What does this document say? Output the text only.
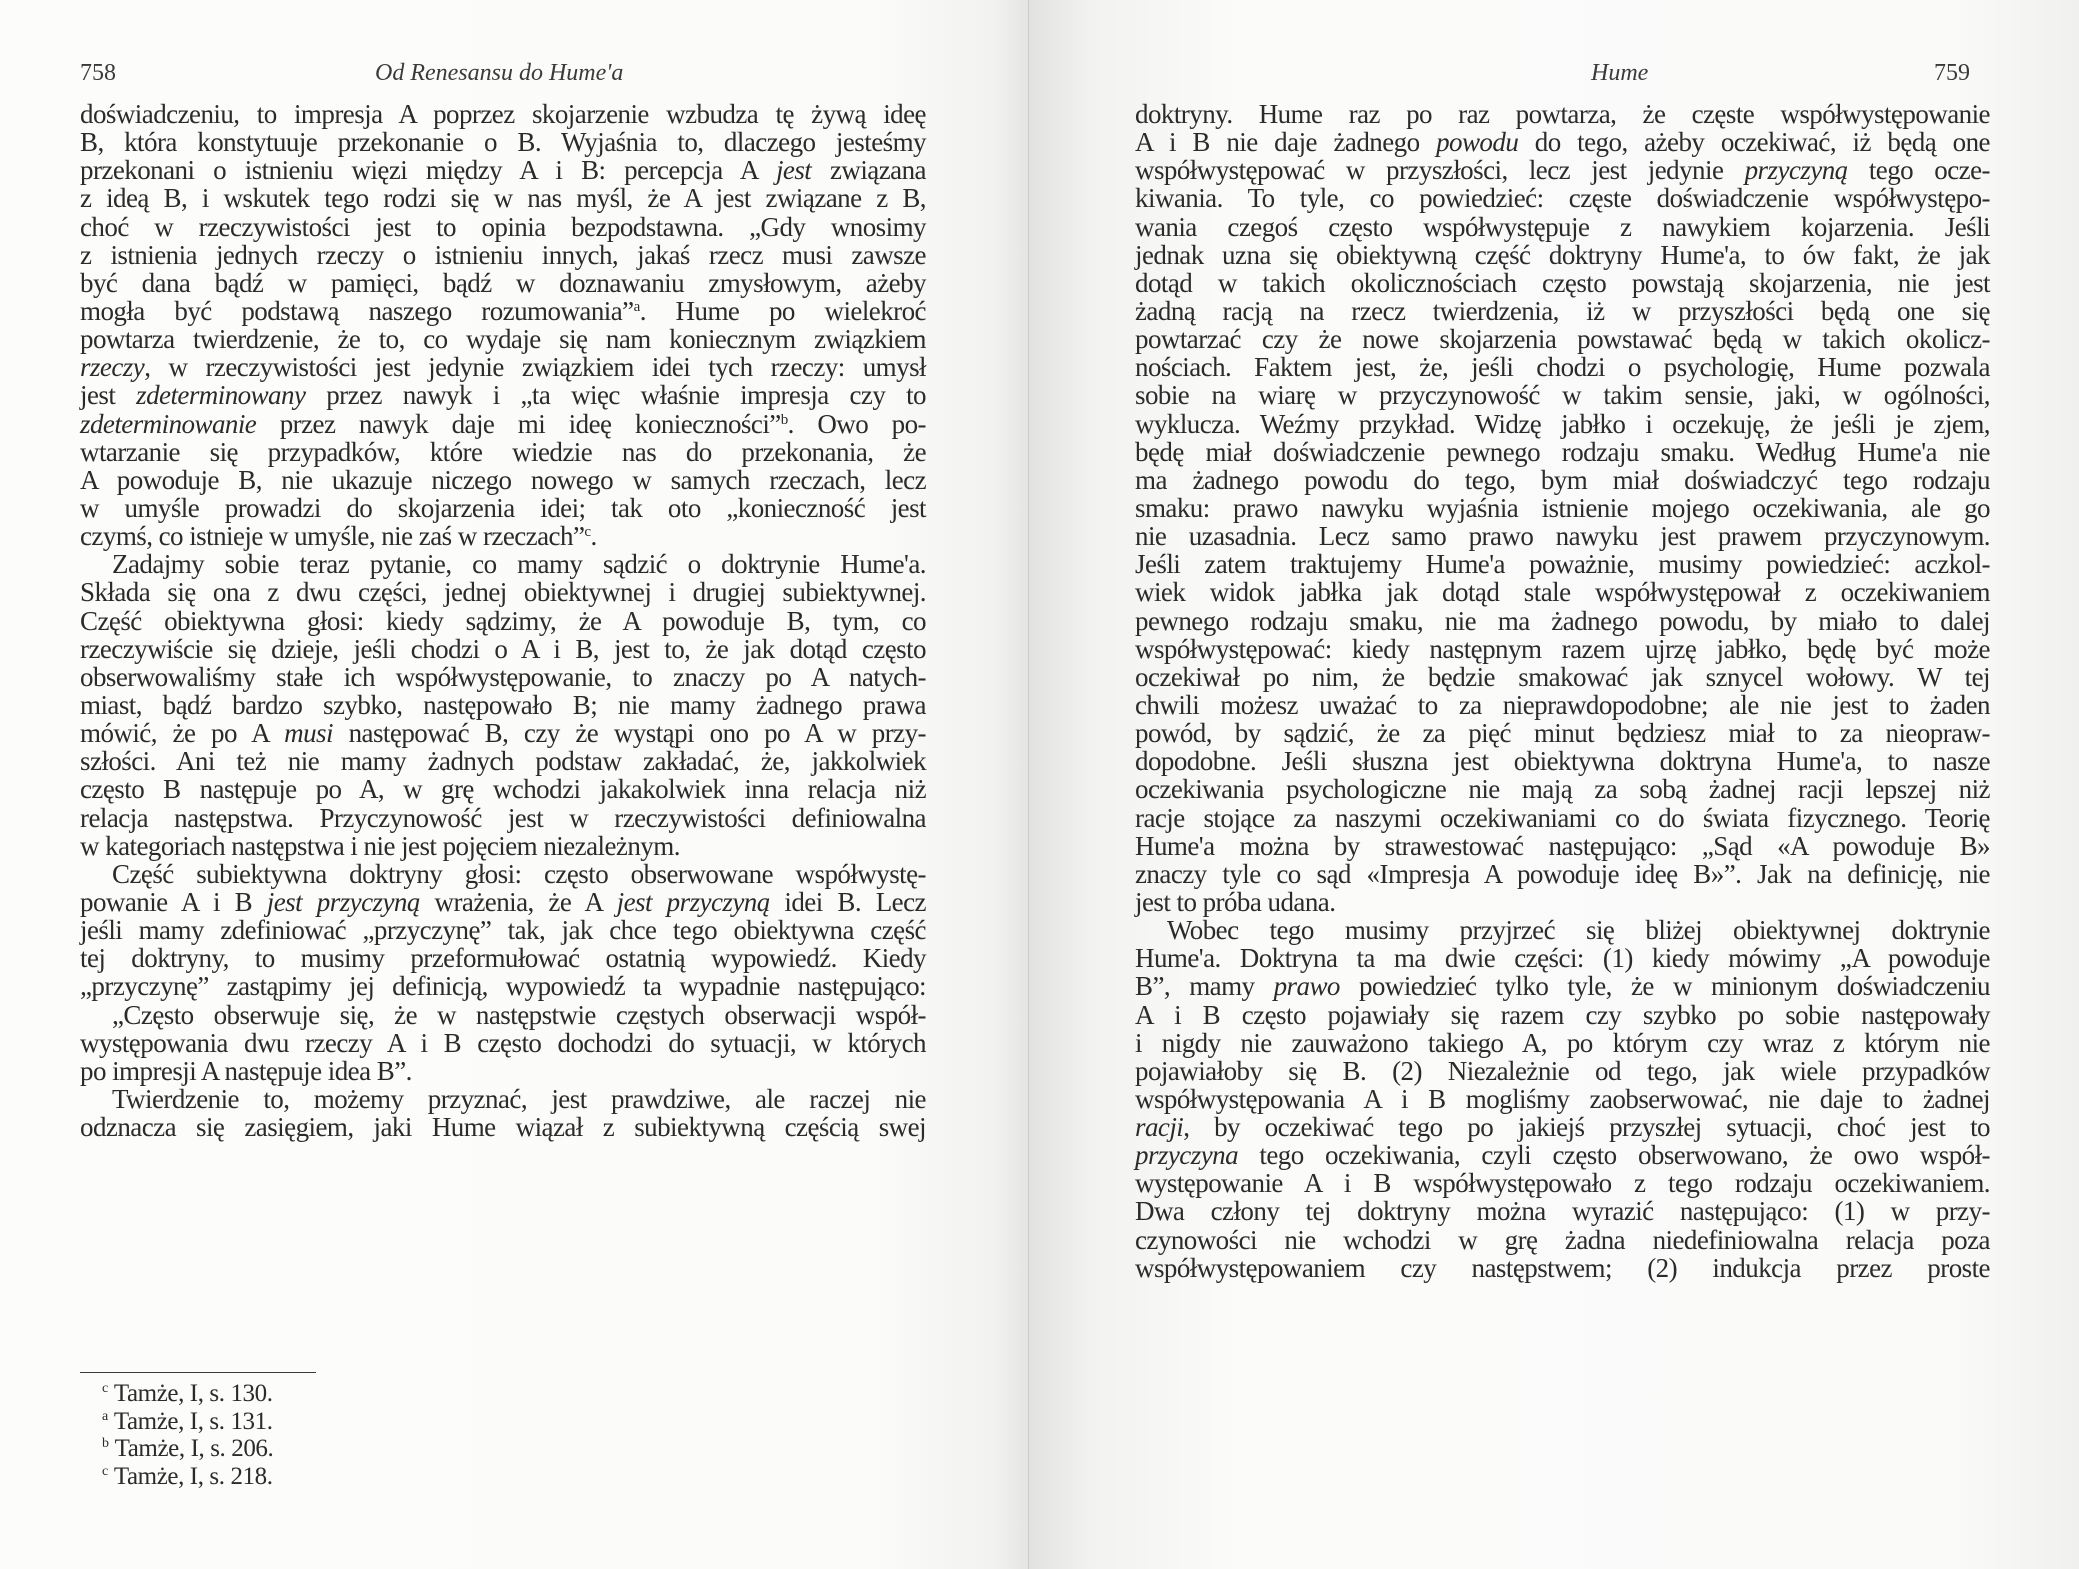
758	Od Renesansu do Hume'a
doświadczeniu, to impresja A poprzez skojarzenie wzbudza tę żywą ideę
B, która konstytuuje przekonanie o B. Wyjaśnia to, dlaczego jesteśmy
przekonani o istnieniu więzi między A i B: percepcja A jest związana
z ideą B, i wskutek tego rodzi się w nas myśl, że A jest związane z B,
choć w rzeczywistości jest to opinia bezpodstawna. „Gdy wnosimy
z istnienia jednych rzeczy o istnieniu innych, jakaś rzecz musi zawsze
być dana bądź w pamięci, bądź w doznawaniu zmysłowym, ażeby
mogła być podstawą naszego rozumowania”$^a$. Hume po wielekroć
powtarza twierdzenie, że to, co wydaje się nam koniecznym związkiem
rzeczy, w rzeczywistości jest jedynie związkiem idei tych rzeczy: umysł
jest zdeterminowany przez nawyk i „ta więc właśnie impresja czy to
zdeterminowanie przez nawyk daje mi ideę konieczności”$^b$. Owo po-
wtarzanie się przypadków, które wiedzie nas do przekonania, że
A powoduje B, nie ukazuje niczego nowego w samych rzeczach, lecz
w umyśle prowadzi do skojarzenia idei; tak oto „konieczność jest
czymś, co istnieje w umyśle, nie zaś w rzeczach”$^c$.
Zadajmy sobie teraz pytanie, co mamy sądzić o doktrynie Hume'a.
Składa się ona z dwu części, jednej obiektywnej i drugiej subiektywnej.
Część obiektywna głosi: kiedy sądzimy, że A powoduje B, tym, co
rzeczywiście się dzieje, jeśli chodzi o A i B, jest to, że jak dotąd często
obserwowaliśmy stałe ich współwystępowanie, to znaczy po A natych-
miast, bądź bardzo szybko, następowało B; nie mamy żadnego prawa
mówić, że po A musi następować B, czy że wystąpi ono po A w przy-
szłości. Ani też nie mamy żadnych podstaw zakładać, że, jakkolwiek
często B następuje po A, w grę wchodzi jakakolwiek inna relacja niż
relacja następstwa. Przyczynowość jest w rzeczywistości definiowalna
w kategoriach następstwa i nie jest pojęciem niezależnym.
Część subiektywna doktryny głosi: często obserwowane współwystę-
powanie A i B jest przyczyną wrażenia, że A jest przyczyną idei B. Lecz
jeśli mamy zdefiniować „przyczynę” tak, jak chce tego obiektywna część
tej doktryny, to musimy przeformułować ostatnią wypowiedź. Kiedy
„przyczynę” zastąpimy jej definicją, wypowiedź ta wypadnie następująco:
„Często obserwuje się, że w następstwie częstych obserwacji współ-
występowania dwu rzeczy A i B często dochodzi do sytuacji, w których
po impresji A następuje idea B”.
Twierdzenie to, możemy przyznać, jest prawdziwe, ale raczej nie
odznacza się zasięgiem, jaki Hume wiązał z subiektywną częścią swej
$^c$ Tamże, I, s. 130.
$^a$ Tamże, I, s. 131.
$^b$ Tamże, I, s. 206.
$^c$ Tamże, I, s. 218.
Hume	759
doktryny. Hume raz po raz powtarza, że częste współwystępowanie
A i B nie daje żadnego powodu do tego, ażeby oczekiwać, iż będą one
współwystępować w przyszłości, lecz jest jedynie przyczyną tego ocze-
kiwania. To tyle, co powiedzieć: częste doświadczenie współwystępo-
wania czegoś często współwystępuje z nawykiem kojarzenia. Jeśli
jednak uzna się obiektywną część doktryny Hume'a, to ów fakt, że jak
dotąd w takich okolicznościach często powstają skojarzenia, nie jest
żadną racją na rzecz twierdzenia, iż w przyszłości będą one się
powtarzać czy że nowe skojarzenia powstawać będą w takich okolicz-
nościach. Faktem jest, że, jeśli chodzi o psychologię, Hume pozwala
sobie na wiarę w przyczynowość w takim sensie, jaki, w ogólności,
wyklucza. Weźmy przykład. Widzę jabłko i oczekuję, że jeśli je zjem,
będę miał doświadczenie pewnego rodzaju smaku. Według Hume'a nie
ma żadnego powodu do tego, bym miał doświadczyć tego rodzaju
smaku: prawo nawyku wyjaśnia istnienie mojego oczekiwania, ale go
nie uzasadnia. Lecz samo prawo nawyku jest prawem przyczynowym.
Jeśli zatem traktujemy Hume'a poważnie, musimy powiedzieć: aczkol-
wiek widok jabłka jak dotąd stale współwystępował z oczekiwaniem
pewnego rodzaju smaku, nie ma żadnego powodu, by miało to dalej
współwystępować: kiedy następnym razem ujrzę jabłko, będę być może
oczekiwał po nim, że będzie smakować jak sznycel wołowy. W tej
chwili możesz uważać to za nieprawdopodobne; ale nie jest to żaden
powód, by sądzić, że za pięć minut będziesz miał to za nieopraw-
dopodobne. Jeśli słuszna jest obiektywna doktryna Hume'a, to nasze
oczekiwania psychologiczne nie mają za sobą żadnej racji lepszej niż
racje stojące za naszymi oczekiwaniami co do świata fizycznego. Teorię
Hume'a można by strawestować następująco: „Sąd «A powoduje B»
znaczy tyle co sąd «Impresja A powoduje ideę B»”. Jak na definicję, nie
jest to próba udana.
Wobec tego musimy przyjrzeć się bliżej obiektywnej doktrynie
Hume'a. Doktryna ta ma dwie części: (1) kiedy mówimy „A powoduje
B”, mamy prawo powiedzieć tylko tyle, że w minionym doświadczeniu
A i B często pojawiały się razem czy szybko po sobie następowały
i nigdy nie zauważono takiego A, po którym czy wraz z którym nie
pojawiałoby się B. (2) Niezależnie od tego, jak wiele przypadków
współwystępowania A i B mogliśmy zaobserwować, nie daje to żadnej
racji, by oczekiwać tego po jakiejś przyszłej sytuacji, choć jest to
przyczyna tego oczekiwania, czyli często obserwowano, że owo współ-
występowanie A i B współwystępowało z tego rodzaju oczekiwaniem.
Dwa człony tej doktryny można wyrazić następująco: (1) w przy-
czynowości nie wchodzi w grę żadna niedefiniowalna relacja poza
współwystępowaniem czy następstwem; (2) indukcja przez proste
